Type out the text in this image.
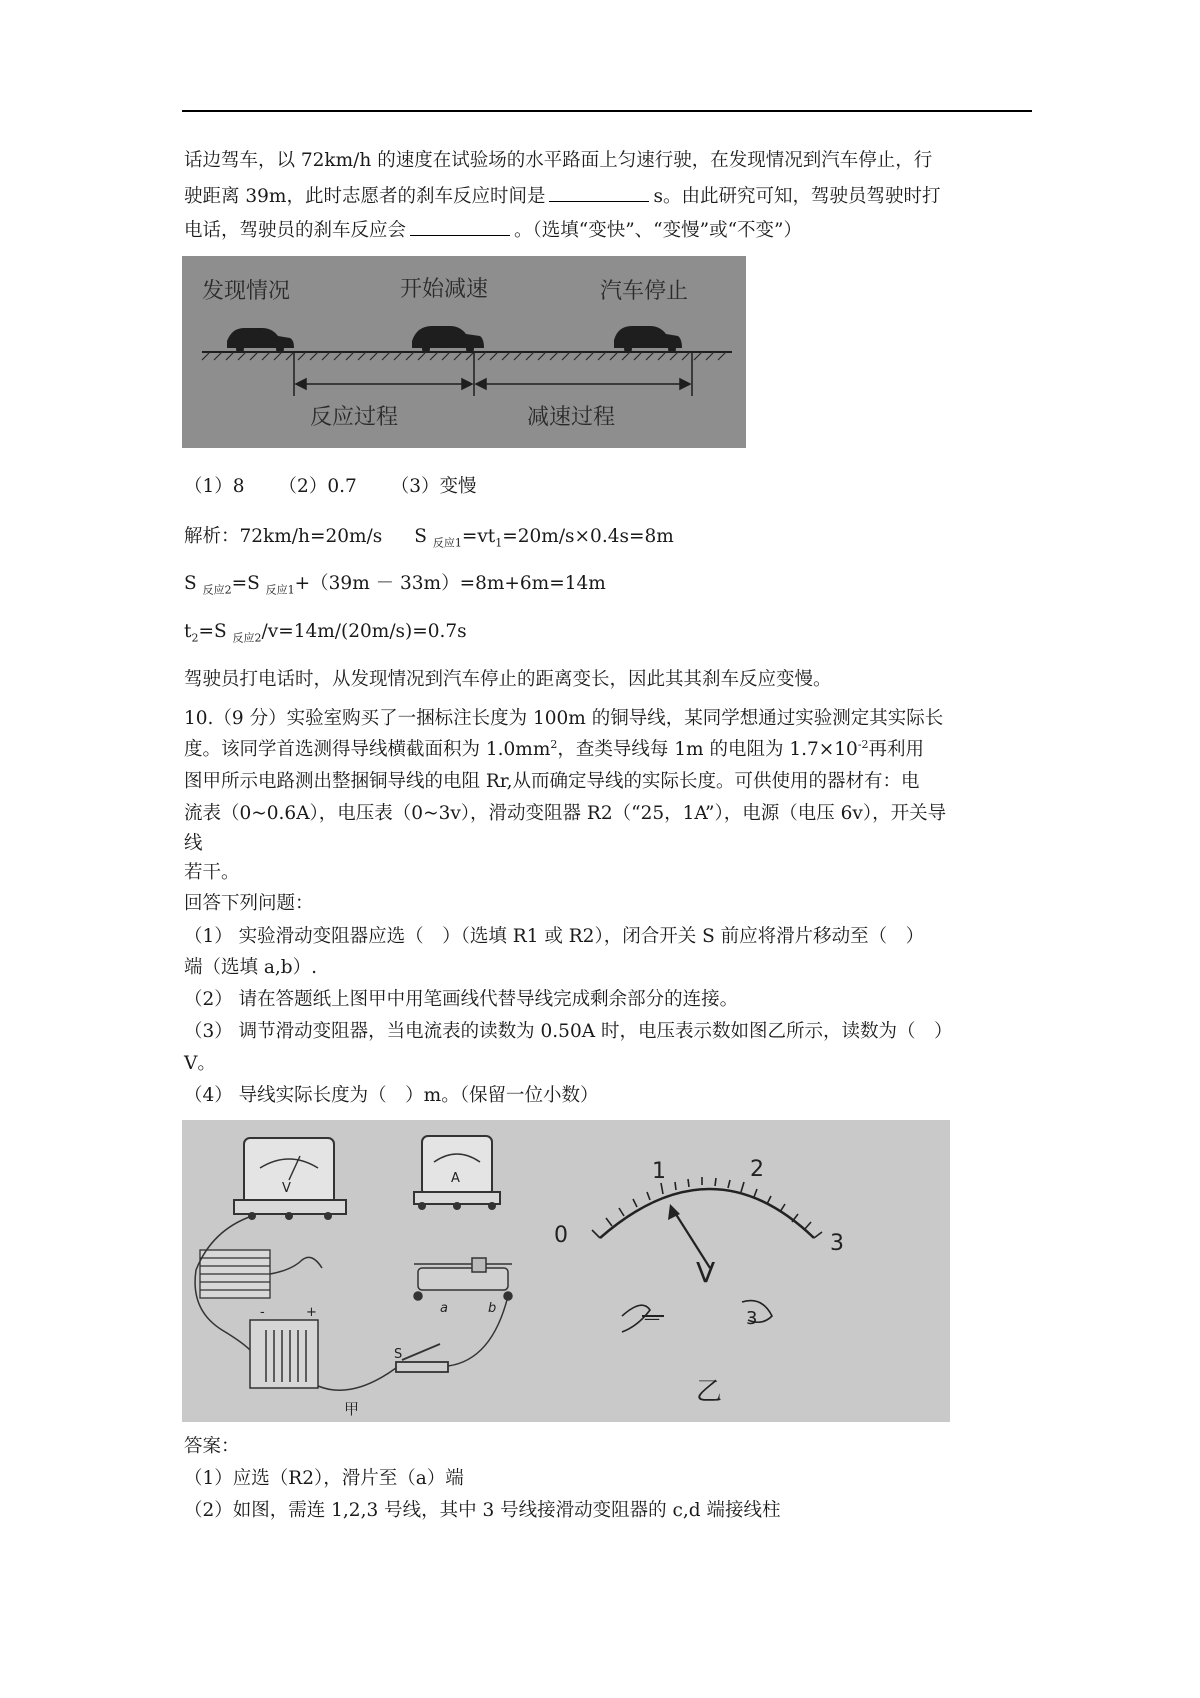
话边驾车，以 72km/h 的速度在试验场的水平路面上匀速行驶，在发现情况到汽车停止，行
驶距离 39m，此时志愿者的刹车反应时间是	s。由此研究可知，驾驶员驾驶时打
电话，驾驶员的刹车反应会	。（选填“变快”、“变慢”或“不变”）
发现情况	开始减速	汽车停止
反应过程	减速过程
（1）8 （2）0.7 （3）变慢
解析：72km/h=20m/s S $_{反应1}=vt_1=20m/s\times 0.4s=8m$
S $_{反应2}$=S $_{反应1}$+（39m － 33m）=8m+6m=14m
$t_2=S$ $_{反应2}$/v=14m/(20m/s)=0.7s
驾驶员打电话时，从发现情况到汽车停止的距离变长，因此其其刹车反应变慢。
10.（9 分）实验室购买了一捆标注长度为 100m 的铜导线，某同学想通过实验测定其实际长
度。该同学首选测得导线横截面积为 $1.0mm^2$，查类导线每 1m 的电阻为 $1.7\times 10^{-2}$再利用
图甲所示电路测出整捆铜导线的电阻 Rr,从而确定导线的实际长度。可供使用的器材有：电
流表（0~0.6A），电压表（0~3v），滑动变阻器 R2（“25，1A”），电源（电压 6v），开关导
线
若干。
回答下列问题：
（1） 实验滑动变阻器应选（　）（选填 R1 或 R2），闭合开关 S 前应将滑片移动至（　）
端（选填 a,b）.
（2） 请在答题纸上图甲中用笔画线代替导线完成剩余部分的连接。
（3） 调节滑动变阻器，当电流表的读数为 0.50A 时，电压表示数如图乙所示，读数为（　）
V。
（4） 导线实际长度为（　）m。（保留一位小数）
V
A
a	b
-	+
S
甲
0
1	2
3
V
—	3
乙
答案：
（1）应选（R2），滑片至（a）端
（2）如图，需连 1,2,3 号线，其中 3 号线接滑动变阻器的 c,d 端接线柱
